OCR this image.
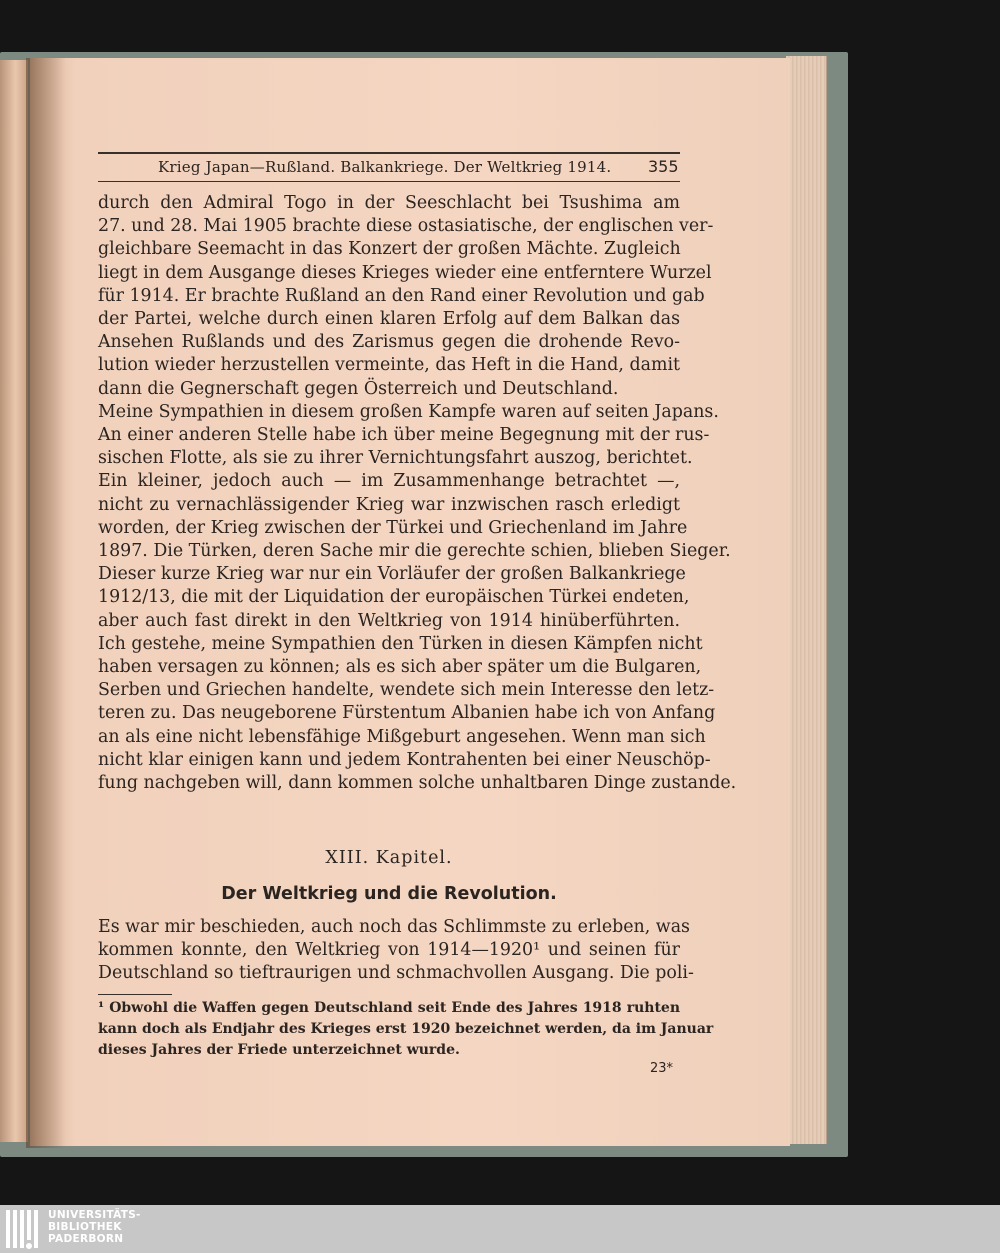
Krieg Japan—Rußland. Balkankriege. Der Weltkrieg 1914. 355
durch den Admiral Togo in der Seeschlacht bei Tsushima am
27. und 28. Mai 1905 brachte diese ostasiatische, der englischen ver-
gleichbare Seemacht in das Konzert der großen Mächte. Zugleich
liegt in dem Ausgange dieses Krieges wieder eine entferntere Wurzel
für 1914. Er brachte Rußland an den Rand einer Revolution und gab
der Partei, welche durch einen klaren Erfolg auf dem Balkan das
Ansehen Rußlands und des Zarismus gegen die drohende Revo-
lution wieder herzustellen vermeinte, das Heft in die Hand, damit
dann die Gegnerschaft gegen Österreich und Deutschland.
Meine Sympathien in diesem großen Kampfe waren auf seiten Japans.
An einer anderen Stelle habe ich über meine Begegnung mit der rus-
sischen Flotte, als sie zu ihrer Vernichtungsfahrt auszog, berichtet.
Ein kleiner, jedoch auch — im Zusammenhange betrachtet —,
nicht zu vernachlässigender Krieg war inzwischen rasch erledigt
worden, der Krieg zwischen der Türkei und Griechenland im Jahre
1897. Die Türken, deren Sache mir die gerechte schien, blieben Sieger.
Dieser kurze Krieg war nur ein Vorläufer der großen Balkankriege
1912/13, die mit der Liquidation der europäischen Türkei endeten,
aber auch fast direkt in den Weltkrieg von 1914 hinüberführten.
Ich gestehe, meine Sympathien den Türken in diesen Kämpfen nicht
haben versagen zu können; als es sich aber später um die Bulgaren,
Serben und Griechen handelte, wendete sich mein Interesse den letz-
teren zu. Das neugeborene Fürstentum Albanien habe ich von Anfang
an als eine nicht lebensfähige Mißgeburt angesehen. Wenn man sich
nicht klar einigen kann und jedem Kontrahenten bei einer Neuschöp-
fung nachgeben will, dann kommen solche unhaltbaren Dinge zustande.
XIII. Kapitel.
Der Weltkrieg und die Revolution.
Es war mir beschieden, auch noch das Schlimmste zu erleben, was
kommen konnte, den Weltkrieg von 1914—1920¹ und seinen für
Deutschland so tieftraurigen und schmachvollen Ausgang. Die poli-
¹ Obwohl die Waffen gegen Deutschland seit Ende des Jahres 1918 ruhten
kann doch als Endjahr des Krieges erst 1920 bezeichnet werden, da im Januar
dieses Jahres der Friede unterzeichnet wurde.
23*
UNIVERSITÄTS-
BIBLIOTHEK
PADERBORN
